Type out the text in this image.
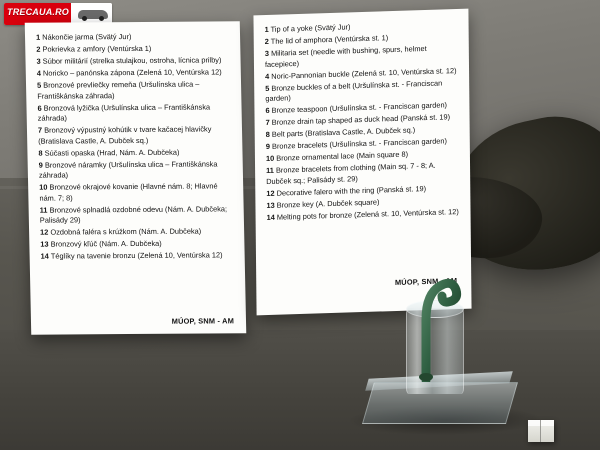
TRECAUA.RO

1 Nákončie jarma (Svätý Jur)

2 Pokrievka z amfory (Ventúrska 1)

3 Súbor militárií (strelka stulajkou, ostroha, lícnica prilby)

4 Noricko – panónska zápona (Zelená 10, Ventúrska 12)

5 Bronzové prevliečky remeňa (Uršulínska ulica – Františkánska záhrada)

6 Bronzová lyžička (Uršulínska ulica – Františkánska záhrada)

7 Bronzový výpustný kohútik v tvare kačacej hlavičky (Bratislava Castle, A. Dubček sq.)

8 Súčasti opaska (Hrad, Nám. A. Dubčeka)

9 Bronzové náramky (Uršulínska ulica – Františkánska záhrada)

10 Bronzové okrajové kovanie (Hlavné nám. 8; Hlavné nám. 7; 8)

11 Bronzové splnadlá ozdobné odevu (Nám. A. Dubčeka; Palisády 29)

12 Ozdobná faléra s krúžkom (Nám. A. Dubčeka)

13 Bronzový kľúč (Nám. A. Dubčeka)

14 Téglíky na tavenie bronzu (Zelená 10, Ventúrska 12)

MÚOP, SNM - AM

1 Tip of a yoke (Svätý Jur)

2 The lid of amphora (Ventúrska st. 1)

3 Militaria set (needle with bushing, spurs, helmet facepiece)

4 Noric-Pannonian buckle (Zelená st. 10, Ventúrska st. 12)

5 Bronze buckles of a belt (Uršulínska st. - Franciscan garden)

6 Bronze teaspoon (Uršulínska st. - Franciscan garden)

7 Bronze drain tap shaped as duck head (Panská st. 19)

8 Belt parts (Bratislava Castle, A. Dubček sq.)

9 Bronze bracelets (Uršulínska st. - Franciscan garden)

10 Bronze ornamental lace (Main square 8)

11 Bronze bracelets from clothing (Main sq. 7 - 8; A. Dubček sq.; Palisády st. 29)

12 Decorative falero with the ring (Panská st. 19)

13 Bronze key (A. Dubček square)

14 Melting pots for bronze (Zelená st. 10, Ventúrska st. 12)

MÚOP, SNM - AM
